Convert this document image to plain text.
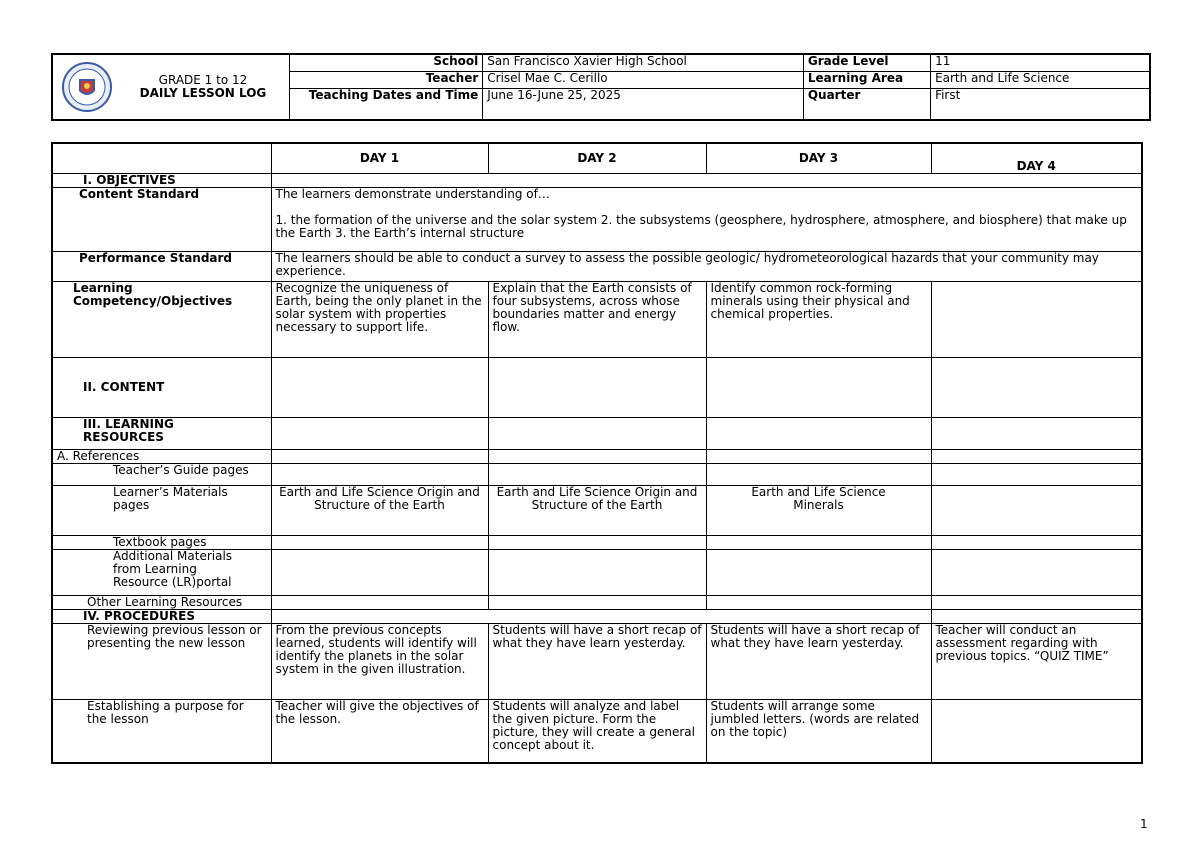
GRADE 1 to 12
DAILY LESSON LOG	School	San Francisco Xavier High School	Grade Level	11
	Teacher	Crisel Mae C. Cerillo	Learning Area	Earth and Life Science
	Teaching Dates and Time	June 16-June 25, 2025	Quarter	First
	DAY 1	DAY 2	DAY 3	DAY 4
I. OBJECTIVES				
Content Standard	The learners demonstrate understanding of…
1. the formation of the universe and the solar system 2. the subsystems (geosphere, hydrosphere, atmosphere, and biosphere) that make up the Earth 3. the Earth’s internal structure			

Performance Standard	The learners should be able to conduct a survey to assess the possible geologic/ hydrometeorological hazards that your community may experience.			
Learning Competency/Objectives	Recognize the uniqueness of Earth, being the only planet in the solar system with properties necessary to support life.	Explain that the Earth consists of four subsystems, across whose boundaries matter and energy flow.	Identify common rock-forming minerals using their physical and chemical properties.	
II. CONTENT				
III. LEARNING RESOURCES				
A. References				
Teacher’s Guide pages				
Learner’s Materials pages	Earth and Life Science Origin and Structure of the Earth	Earth and Life Science Origin and Structure of the Earth	Earth and Life Science Minerals	
Textbook pages				
Additional Materials from Learning Resource (LR)portal				
Other Learning Resources				
IV. PROCEDURES				
Reviewing previous lesson or presenting the new lesson	From the previous concepts learned, students will identify will identify the planets in the solar system in the given illustration.	Students will have a short recap of what they have learn yesterday.	Students will have a short recap of what they have learn yesterday.	Teacher will conduct an assessment regarding with previous topics. “QUIZ TIME”
Establishing a purpose for the lesson	Teacher will give the objectives of the lesson.	Students will analyze and label the given picture. Form the picture, they will create a general concept about it.	Students will arrange some jumbled letters. (words are related on the topic)	
1
